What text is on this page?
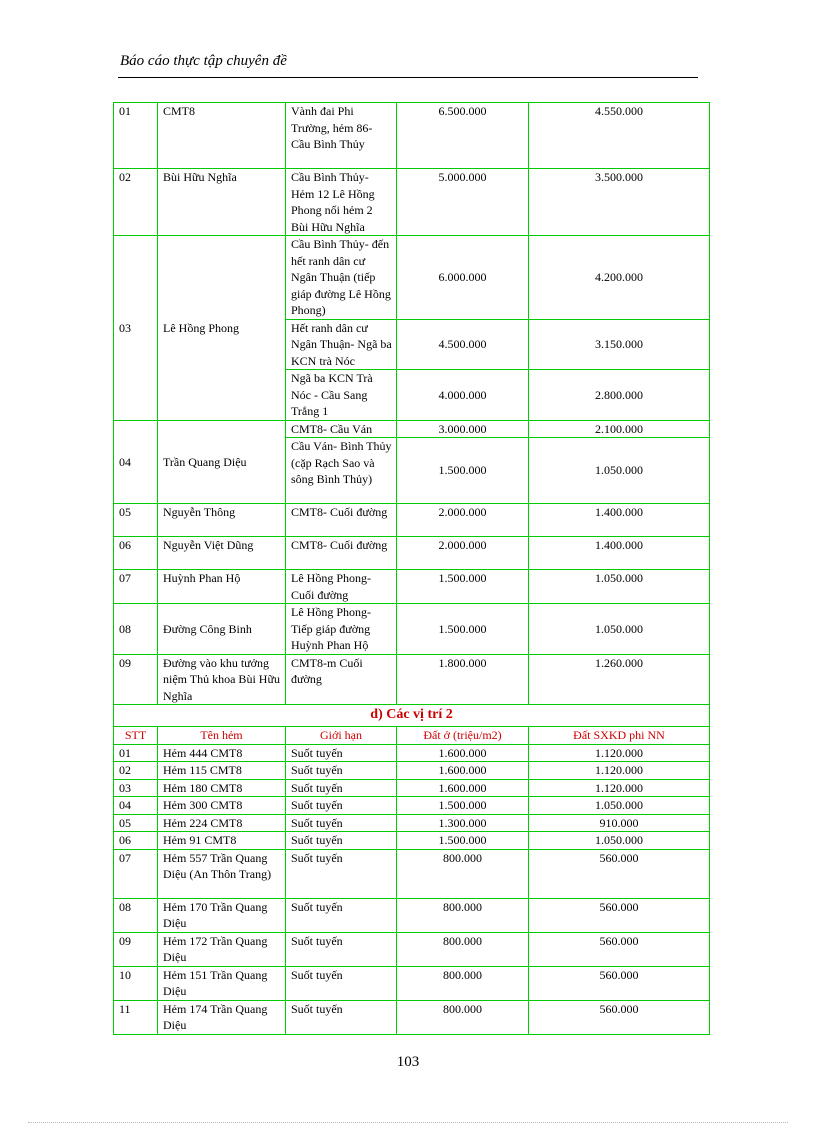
Báo cáo thực tập chuyên đề
01	CMT8	Vành đai Phi Trường, hẻm 86- Cầu Bình Thủy	6.500.000	4.550.000
02	Bùi Hữu Nghĩa	Cầu Bình Thủy- Hẻm 12 Lê Hồng Phong nối hẻm 2 Bùi Hữu Nghĩa	5.000.000	3.500.000
03	Lê Hồng Phong	Cầu Bình Thủy- đến hết ranh dân cư Ngân Thuận (tiếp giáp đường Lê Hồng Phong)	6.000.000	4.200.000
		Hết ranh dân cư Ngân Thuận- Ngã ba KCN trà Nóc	4.500.000	3.150.000
		Ngã ba KCN Trà Nóc - Cầu Sang Trắng 1	4.000.000	2.800.000
04	Trần Quang Diệu	CMT8- Cầu Ván	3.000.000	2.100.000
		Cầu Ván- Bình Thủy (cặp Rạch Sao và sông Bình Thủy)	1.500.000	1.050.000
05	Nguyễn Thông	CMT8- Cuối đường	2.000.000	1.400.000
06	Nguyễn Việt Dũng	CMT8- Cuối đường	2.000.000	1.400.000
07	Huỳnh Phan Hộ	Lê Hồng Phong- Cuối đường	1.500.000	1.050.000
08	Đường Công Binh	Lê Hồng Phong- Tiếp giáp đường Huỳnh Phan Hộ	1.500.000	1.050.000
09	Đường vào khu tưởng niệm Thủ khoa Bùi Hữu Nghĩa	CMT8-m Cuối đường	1.800.000	1.260.000
d) Các vị trí 2				
STT	Tên hẻm	Giới hạn	Đất ở (triệu/m2)	Đất SXKD phi NN
01	Hẻm 444 CMT8	Suốt tuyến	1.600.000	1.120.000
02	Hẻm 115 CMT8	Suốt tuyến	1.600.000	1.120.000
03	Hẻm 180 CMT8	Suốt tuyến	1.600.000	1.120.000
04	Hẻm 300 CMT8	Suốt tuyến	1.500.000	1.050.000
05	Hẻm 224 CMT8	Suốt tuyến	1.300.000	910.000
06	Hẻm 91 CMT8	Suốt tuyến	1.500.000	1.050.000
07	Hẻm 557 Trần Quang Diệu (An Thôn Trang)	Suốt tuyến	800.000	560.000
08	Hẻm 170 Trần Quang Diệu	Suốt tuyến	800.000	560.000
09	Hẻm 172 Trần Quang Diệu	Suốt tuyến	800.000	560.000
10	Hẻm 151 Trần Quang Diệu	Suốt tuyến	800.000	560.000
11	Hẻm 174 Trần Quang Diệu	Suốt tuyến	800.000	560.000
103
